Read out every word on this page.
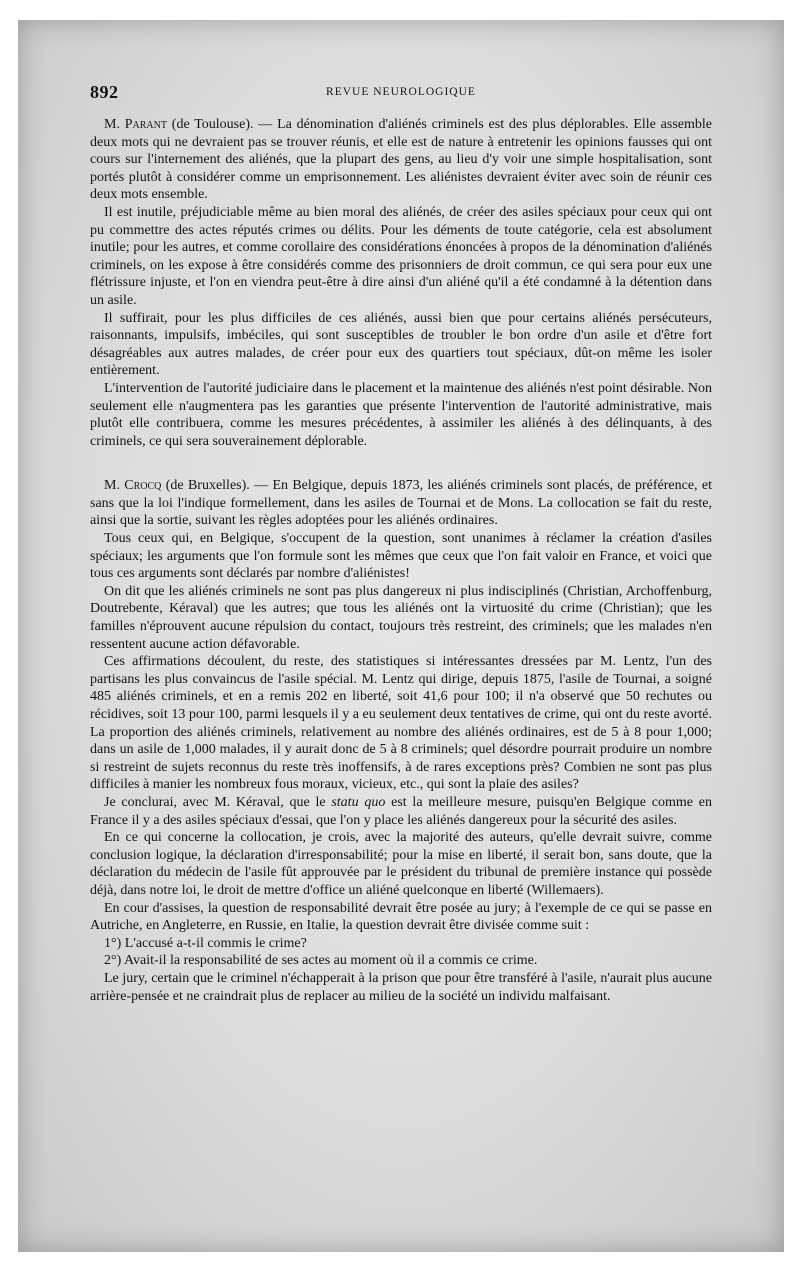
892	REVUE NEUROLOGIQUE

M. Parant (de Toulouse). — La dénomination d'aliénés criminels est des plus déplorables. Elle assemble deux mots qui ne devraient pas se trouver réunis, et elle est de nature à entretenir les opinions fausses qui ont cours sur l'internement des aliénés, que la plupart des gens, au lieu d'y voir une simple hospitalisation, sont portés plutôt à considérer comme un emprisonnement. Les aliénistes devraient éviter avec soin de réunir ces deux mots ensemble.

Il est inutile, préjudiciable même au bien moral des aliénés, de créer des asiles spéciaux pour ceux qui ont pu commettre des actes réputés crimes ou délits. Pour les déments de toute catégorie, cela est absolument inutile; pour les autres, et comme corollaire des considérations énoncées à propos de la dénomination d'aliénés criminels, on les expose à être considérés comme des prisonniers de droit commun, ce qui sera pour eux une flétrissure injuste, et l'on en viendra peut-être à dire ainsi d'un aliéné qu'il a été condamné à la détention dans un asile.

Il suffirait, pour les plus difficiles de ces aliénés, aussi bien que pour certains aliénés persécuteurs, raisonnants, impulsifs, imbéciles, qui sont susceptibles de troubler le bon ordre d'un asile et d'être fort désagréables aux autres malades, de créer pour eux des quartiers tout spéciaux, dût-on même les isoler entièrement.

L'intervention de l'autorité judiciaire dans le placement et la maintenue des aliénés n'est point désirable. Non seulement elle n'augmentera pas les garanties que présente l'intervention de l'autorité administrative, mais plutôt elle contribuera, comme les mesures précédentes, à assimiler les aliénés à des délinquants, à des criminels, ce qui sera souverainement déplorable.

M. Crocq (de Bruxelles). — En Belgique, depuis 1873, les aliénés criminels sont placés, de préférence, et sans que la loi l'indique formellement, dans les asiles de Tournai et de Mons. La collocation se fait du reste, ainsi que la sortie, suivant les règles adoptées pour les aliénés ordinaires.

Tous ceux qui, en Belgique, s'occupent de la question, sont unanimes à réclamer la création d'asiles spéciaux; les arguments que l'on formule sont les mêmes que ceux que l'on fait valoir en France, et voici que tous ces arguments sont déclarés par nombre d'aliénistes!

On dit que les aliénés criminels ne sont pas plus dangereux ni plus indisciplinés (Christian, Archoffenburg, Doutrebente, Kéraval) que les autres; que tous les aliénés ont la virtuosité du crime (Christian); que les familles n'éprouvent aucune répulsion du contact, toujours très restreint, des criminels; que les malades n'en ressentent aucune action défavorable.

Ces affirmations découlent, du reste, des statistiques si intéressantes dressées par M. Lentz, l'un des partisans les plus convaincus de l'asile spécial. M. Lentz qui dirige, depuis 1875, l'asile de Tournai, a soigné 485 aliénés criminels, et en a remis 202 en liberté, soit 41,6 pour 100; il n'a observé que 50 rechutes ou récidives, soit 13 pour 100, parmi lesquels il y a eu seulement deux tentatives de crime, qui ont du reste avorté. La proportion des aliénés criminels, relativement au nombre des aliénés ordinaires, est de 5 à 8 pour 1,000; dans un asile de 1,000 malades, il y aurait donc de 5 à 8 criminels; quel désordre pourrait produire un nombre si restreint de sujets reconnus du reste très inoffensifs, à de rares exceptions près? Combien ne sont pas plus difficiles à manier les nombreux fous moraux, vicieux, etc., qui sont la plaie des asiles?

Je conclurai, avec M. Kéraval, que le statu quo est la meilleure mesure, puisqu'en Belgique comme en France il y a des asiles spéciaux d'essai, que l'on y place les aliénés dangereux pour la sécurité des asiles.

En ce qui concerne la collocation, je crois, avec la majorité des auteurs, qu'elle devrait suivre, comme conclusion logique, la déclaration d'irresponsabilité; pour la mise en liberté, il serait bon, sans doute, que la déclaration du médecin de l'asile fût approuvée par le président du tribunal de première instance qui possède déjà, dans notre loi, le droit de mettre d'office un aliéné quelconque en liberté (Willemaers).

En cour d'assises, la question de responsabilité devrait être posée au jury; à l'exemple de ce qui se passe en Autriche, en Angleterre, en Russie, en Italie, la question devrait être divisée comme suit :

1°) L'accusé a-t-il commis le crime?

2°) Avait-il la responsabilité de ses actes au moment où il a commis ce crime.

Le jury, certain que le criminel n'échapperait à la prison que pour être transféré à l'asile, n'aurait plus aucune arrière-pensée et ne craindrait plus de replacer au milieu de la société un individu malfaisant.
